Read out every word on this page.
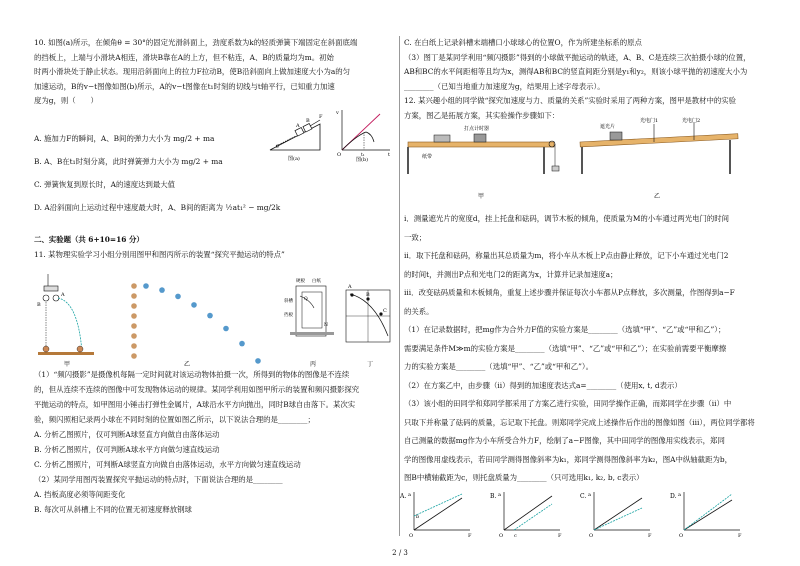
10. 如图(a)所示，在倾角θ = 30°的固定光滑斜面上，劲度系数为k的轻质弹簧下端固定在斜面底端
的挡板上，上端与小滑块A相连，滑块B靠在A的上方，但不粘连，A、B的质量均为m。初始
时两小滑块处于静止状态。现用沿斜面向上的拉力F拉动B，使B沿斜面向上做加速度大小为a的匀
加速运动，B的v−t图像如图(b)所示，A的v−t图像在t₁时刻的切线与t轴平行，已知重力加速
度为g，则（　　）
A. 施加力F的瞬间，A、B间的弹力大小为 mg/2 + ma
B. A、B在t₁时刻分离，此时弹簧弹力大小为 mg/2 + ma
C. 弹簧恢复到原长时，A的速度达到最大值
D. A沿斜面向上运动过程中速度最大时，A、B间的距离为 ½at₁² − mg/2k
B
A
F
θ
图(a)
v
O	t₁	t
图(b)
二、实验题（共 6+10=16 分）
11. 某物理实验学习小组分别用图甲和图丙所示的装置“探究平抛运动的特点”
A
B
硬板 白纸
斜槽
挡板
Q
N
A
B
C
甲	乙	丙	丁
（1）“频闪摄影”是摄像机每隔一定时间就对该运动物体拍摄一次，所得到的物体的图像是不连续
的，但从连续不连续的图像中可发现物体运动的规律。某同学利用如图甲所示的装置和频闪摄影探究
平抛运动的特点，如甲图用小锤击打弹性金属片，A球沿水平方向抛出，同时B球自由落下。某次实
验，频闪照相记录两小球在不同时刻的位置如图乙所示，以下说法合理的是________；
A. 分析乙图照片，仅可判断A球竖直方向做自由落体运动
B. 分析乙图照片，仅可判断A球水平方向做匀速直线运动
C. 分析乙图照片，可判断A球竖直方向做自由落体运动，水平方向做匀速直线运动
（2）某同学用图丙装置探究平抛运动的特点时，下面说法合理的是________
A. 挡板高度必须等间距变化
B. 每次可从斜槽上不同的位置无初速度释放钢球
C. 在白纸上记录斜槽末端槽口小球球心的位置O，作为所建坐标系的原点
（3）图丁是某同学利用“频闪摄影”得到的小球做平抛运动的轨迹，A、B、C是连续三次拍摄小球的位置，
AB和BC的水平间距相等且均为x，测得AB和BC的竖直间距分别是y₁和y₂，则该小球平抛的初速度大小为
________（已知当地重力加速度为g，结果用上述字母表示）。
12. 某兴趣小组的同学做“探究加速度与力、质量的关系”实验时采用了两种方案，图甲是教材中的实验
方案，图乙是拓展方案，其实验操作步骤如下：
打点计时器
纸带
甲
遮光片
光电门1	光电门2
乙
i．测量遮光片的宽度d，挂上托盘和砝码，调节木板的倾角，使质量为M的小车通过两光电门的时间
一致；
ii．取下托盘和砝码，称量出其总质量为m，将小车从木板上P点由静止释放，记下小车通过光电门2
的时间t，并测出P点和光电门2的距离为x，计算并记录加速度a；
iii．改变砝码质量和木板倾角，重复上述步骤并保证每次小车都从P点释放，多次测量，作图得到a−F
的关系。
（1）在记录数据时，把mg作为合外力F值的实验方案是________（选填“甲”、“乙”或“甲和乙”）；
需要满足条件M≫m的实验方案是________（选填“甲”、“乙”或“甲和乙”）；在实验前需要平衡摩擦
力的实验方案是________（选填“甲”、“乙”或“甲和乙”）。
（2）在方案乙中，由步骤（ii）得到的加速度表达式a=________（使用x, t, d表示）
（3）该小组的田同学和郑同学都采用了方案乙进行实验，田同学操作正确，而郑同学在步骤（ii）中
只取下并称量了砝码的质量，忘记取下托盘。则郑同学完成上述操作后作出的图像如图（iii），两位同学都将
自己测量的数据mg作为小车所受合外力F，绘制了a−F图像，其中田同学的图像用实线表示，郑同
学的图像用虚线表示，若田同学测得图像斜率为k₁，郑同学测得图像斜率为k₂，图A中纵轴截距为b，
图B中横轴截距为c，则托盘质量为________（只可选用k₁, k₂, b, c表示）
A. a
O	F
b
B. a
O	F
c
C. a
O	F
D. a
O	F
2 / 3
